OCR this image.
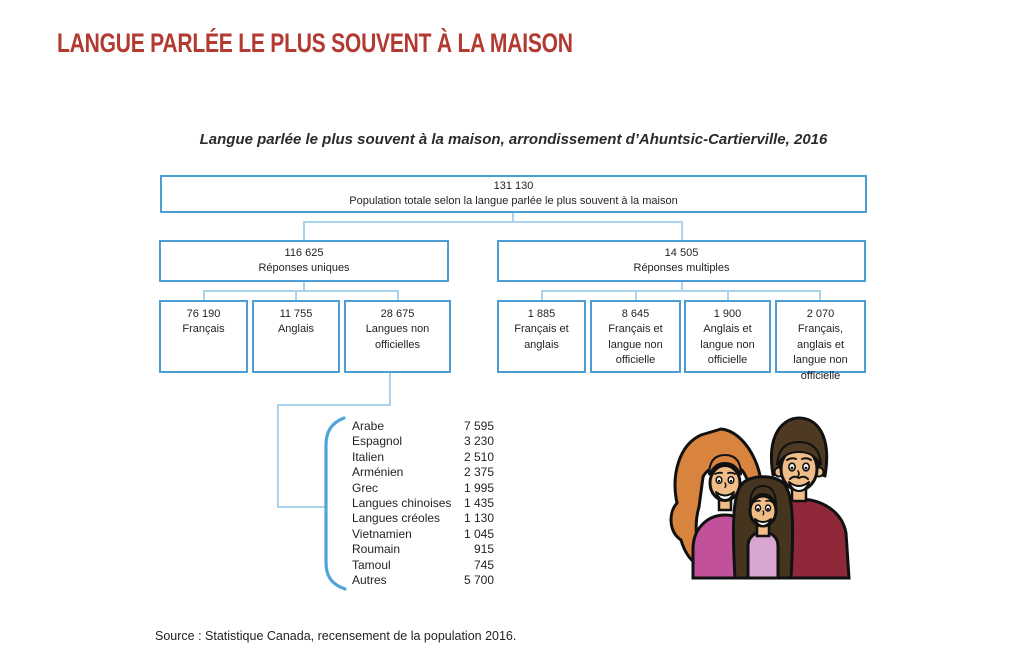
LANGUE PARLÉE LE PLUS SOUVENT À LA MAISON
Langue parlée le plus souvent à la maison, arrondissement d’Ahuntsic-Cartierville, 2016
131 130
Population totale selon la langue parlée le plus souvent à la maison
116 625
Réponses uniques
14 505
Réponses multiples
76 190
Français
11 755
Anglais
28 675
Langues non officielles
1 885
Français et anglais
8 645
Français et langue non officielle
1 900
Anglais et langue non officielle
2 070
Français, anglais et langue non officielle
Arabe	7 595
Espagnol	3 230
Italien	2 510
Arménien	2 375
Grec	1 995
Langues chinoises 1 435
Langues créoles 1 130
Vietnamien	1 045
Roumain	915
Tamoul	745
Autres	5 700
Source : Statistique Canada, recensement de la population 2016.
